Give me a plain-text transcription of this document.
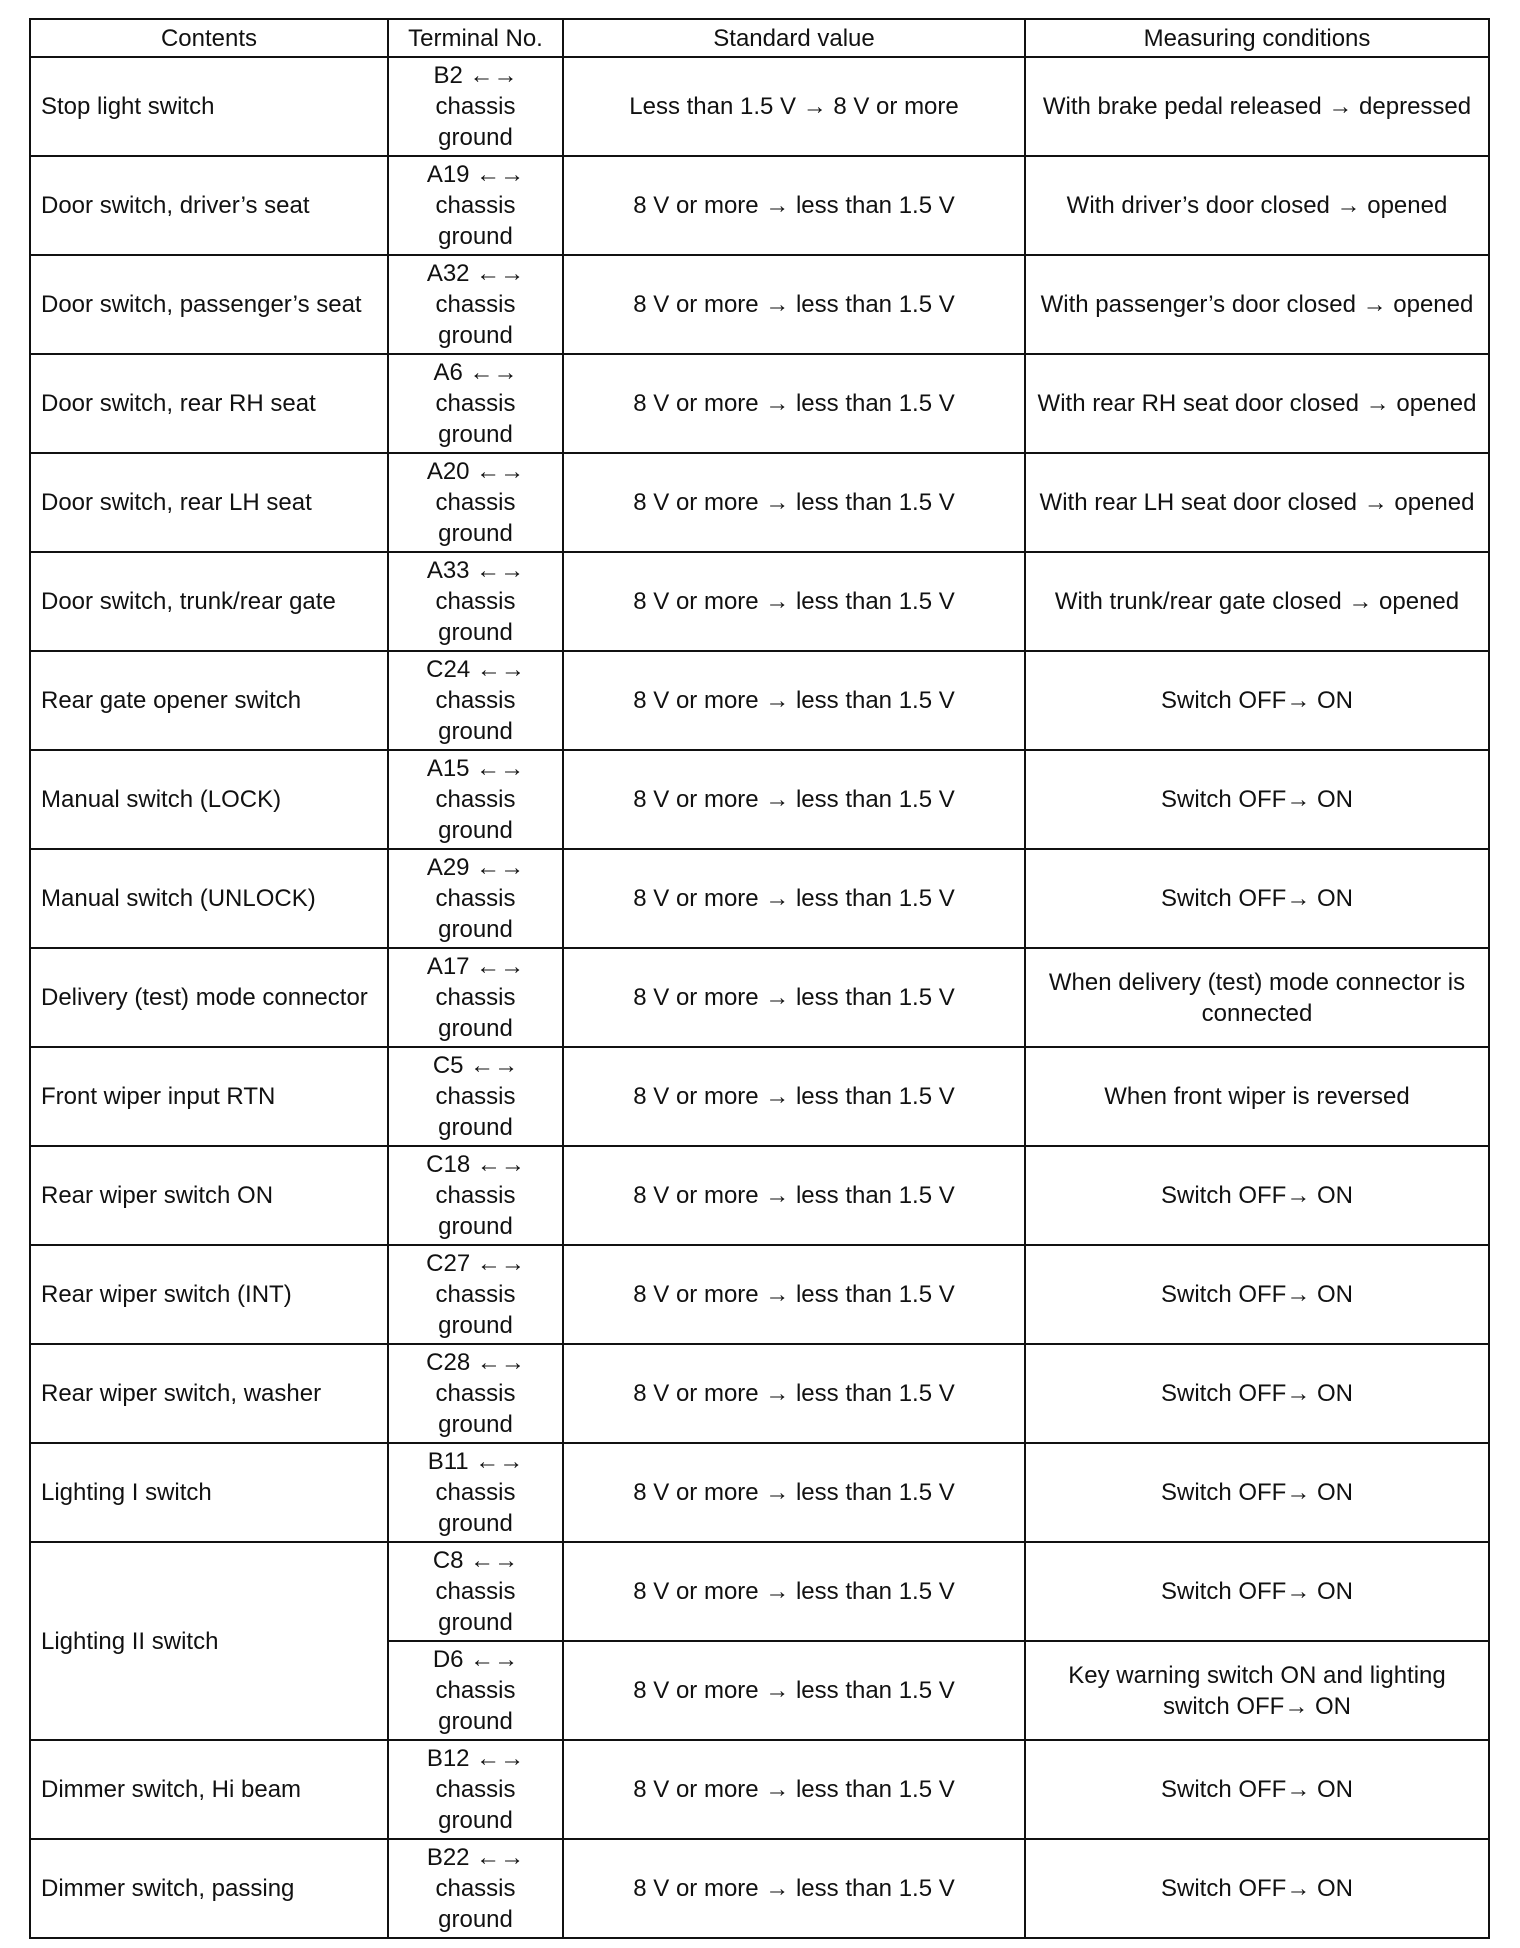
Contents	Terminal No.	Standard value	Measuring conditions
Stop light switch	B2 ←→
chassis
ground	Less than 1.5 V → 8 V or more	With brake pedal released → depressed
Door switch, driver’s seat	A19 ←→
chassis
ground	8 V or more → less than 1.5 V	With driver’s door closed → opened
Door switch, passenger’s seat	A32 ←→
chassis
ground	8 V or more → less than 1.5 V	With passenger’s door closed → opened
Door switch, rear RH seat	A6 ←→
chassis
ground	8 V or more → less than 1.5 V	With rear RH seat door closed → opened
Door switch, rear LH seat	A20 ←→
chassis
ground	8 V or more → less than 1.5 V	With rear LH seat door closed → opened
Door switch, trunk/rear gate	A33 ←→
chassis
ground	8 V or more → less than 1.5 V	With trunk/rear gate closed → opened
Rear gate opener switch	C24 ←→
chassis
ground	8 V or more → less than 1.5 V	Switch OFF→ ON
Manual switch (LOCK)	A15 ←→
chassis
ground	8 V or more → less than 1.5 V	Switch OFF→ ON
Manual switch (UNLOCK)	A29 ←→
chassis
ground	8 V or more → less than 1.5 V	Switch OFF→ ON
Delivery (test) mode connector	A17 ←→
chassis
ground	8 V or more → less than 1.5 V	When delivery (test) mode connector is connected
Front wiper input RTN	C5 ←→
chassis
ground	8 V or more → less than 1.5 V	When front wiper is reversed
Rear wiper switch ON	C18 ←→
chassis
ground	8 V or more → less than 1.5 V	Switch OFF→ ON
Rear wiper switch (INT)	C27 ←→
chassis
ground	8 V or more → less than 1.5 V	Switch OFF→ ON
Rear wiper switch, washer	C28 ←→
chassis
ground	8 V or more → less than 1.5 V	Switch OFF→ ON
Lighting I switch	B11 ←→
chassis
ground	8 V or more → less than 1.5 V	Switch OFF→ ON
Lighting II switch	C8 ←→
chassis
ground	8 V or more → less than 1.5 V	Switch OFF→ ON

	D6 ←→
chassis
ground	8 V or more → less than 1.5 V	Key warning switch ON and lighting switch OFF→ ON
Dimmer switch, Hi beam	B12 ←→
chassis
ground	8 V or more → less than 1.5 V	Switch OFF→ ON
Dimmer switch, passing	B22 ←→
chassis
ground	8 V or more → less than 1.5 V	Switch OFF→ ON
